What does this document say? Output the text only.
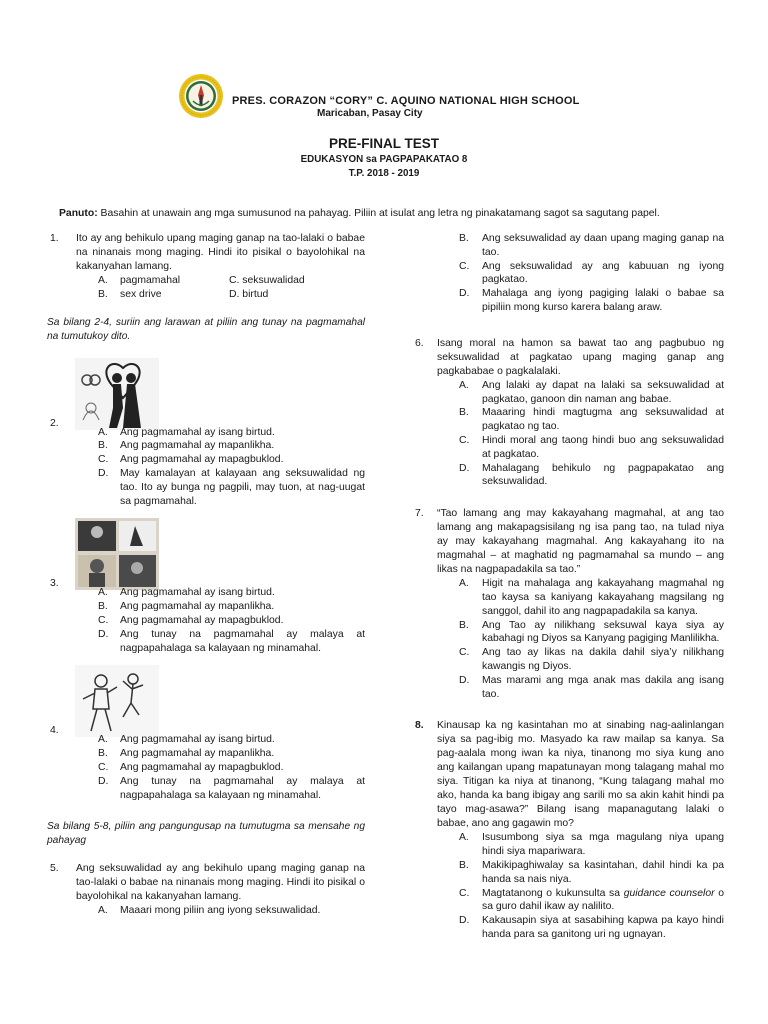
PRES. CORAZON “CORY” C. AQUINO NATIONAL HIGH SCHOOL
Maricaban, Pasay City
PRE-FINAL TEST
EDUKASYON sa PAGPAPAKATAO 8
T.P. 2018 - 2019
Panuto: Basahin at unawain ang mga sumusunod na pahayag. Piliin at isulat ang letra ng pinakatamang sagot sa sagutang papel.
1. Ito ay ang behikulo upang maging ganap na tao-lalaki o babae na ninanais mong maging. Hindi ito pisikal o bayolohikal na kakanyahan lamang.
A. pagmamahal	C. seksuwalidad
B. sex drive	D. birtud
Sa bilang 2-4, suriin ang larawan at piliin ang tunay na pagmamahal na tumutukoy dito.
2.
A. Ang pagmamahal ay isang birtud.
B. Ang pagmamahal ay mapanlikha.
C. Ang pagmamahal ay mapagbuklod.
D. May kamalayan at kalayaan ang seksuwalidad ng tao. Ito ay bunga ng pagpili, may tuon, at nag-uugat sa pagmamahal.
3.
A. Ang pagmamahal ay isang birtud.
B. Ang pagmamahal ay mapanlikha.
C. Ang pagmamahal ay mapagbuklod.
D. Ang tunay na pagmamahal ay malaya at nagpapahalaga sa kalayaan ng minamahal.
4.
A. Ang pagmamahal ay isang birtud.
B. Ang pagmamahal ay mapanlikha.
C. Ang pagmamahal ay mapagbuklod.
D. Ang tunay na pagmamahal ay malaya at nagpapahalaga sa kalayaan ng minamahal.
Sa bilang 5-8, piliin ang pangungusap na tumutugma sa mensahe ng pahayag
5. Ang seksuwalidad ay ang bekihulo upang maging ganap na tao-lalaki o babae na ninanais mong maging. Hindi ito pisikal o bayolohikal na kakanyahan lamang.
A. Maaari mong piliin ang iyong seksuwalidad.
B. Ang seksuwalidad ay daan upang maging ganap na tao.
C. Ang seksuwalidad ay ang kabuuan ng iyong pagkatao.
D. Mahalaga ang iyong pagiging lalaki o babae sa pipiliin mong kurso karera balang araw.
6. Isang moral na hamon sa bawat tao ang pagbubuo ng seksuwalidad at pagkatao upang maging ganap ang pagkababae o pagkalalaki.
A. Ang lalaki ay dapat na lalaki sa seksuwalidad at pagkatao, ganoon din naman ang babae.
B. Maaaring hindi magtugma ang seksuwalidad at pagkatao ng tao.
C. Hindi moral ang taong hindi buo ang seksuwalidad at pagkatao.
D. Mahalagang behikulo ng pagpapakatao ang seksuwalidad.
7. “Tao lamang ang may kakayahang magmahal, at ang tao lamang ang makapagsisilang ng isa pang tao, na tulad niya ay may kakayahang magmahal. Ang kakayahang ito na magmahal – at maghatid ng pagmamahal sa mundo – ang likas na nagpapadakila sa tao.”
A. Higit na mahalaga ang kakayahang magmahal ng tao kaysa sa kaniyang kakayahang magsilang ng sanggol, dahil ito ang nagpapadakila sa kanya.
B. Ang Tao ay nilikhang seksuwal kaya siya ay kabahagi ng Diyos sa Kanyang pagiging Manlilikha.
C. Ang tao ay likas na dakila dahil siya’y nilikhang kawangis ng Diyos.
D. Mas marami ang mga anak mas dakila ang isang tao.
8. Kinausap ka ng kasintahan mo at sinabing nag-aalinlangan siya sa pag-ibig mo. Masyado ka raw mailap sa kanya. Sa pag-aalala mong iwan ka niya, tinanong mo siya kung ano ang kailangan upang mapatunayan mong talagang mahal mo siya. Titigan ka niya at tinanong, “Kung talagang mahal mo ako, handa ka bang ibigay ang sarili mo sa akin kahit hindi pa tayo mag-asawa?” Bilang isang mapanagutang lalaki o babae, ano ang gagawin mo?
A. Isusumbong siya sa mga magulang niya upang hindi siya mapariwara.
B. Makikipaghiwalay sa kasintahan, dahil hindi ka pa handa sa nais niya.
C. Magtatanong o kukunsulta sa guidance counselor o sa guro dahil ikaw ay nalilito.
D. Kakausapin siya at sasabihing kapwa pa kayo hindi handa para sa ganitong uri ng ugnayan.
